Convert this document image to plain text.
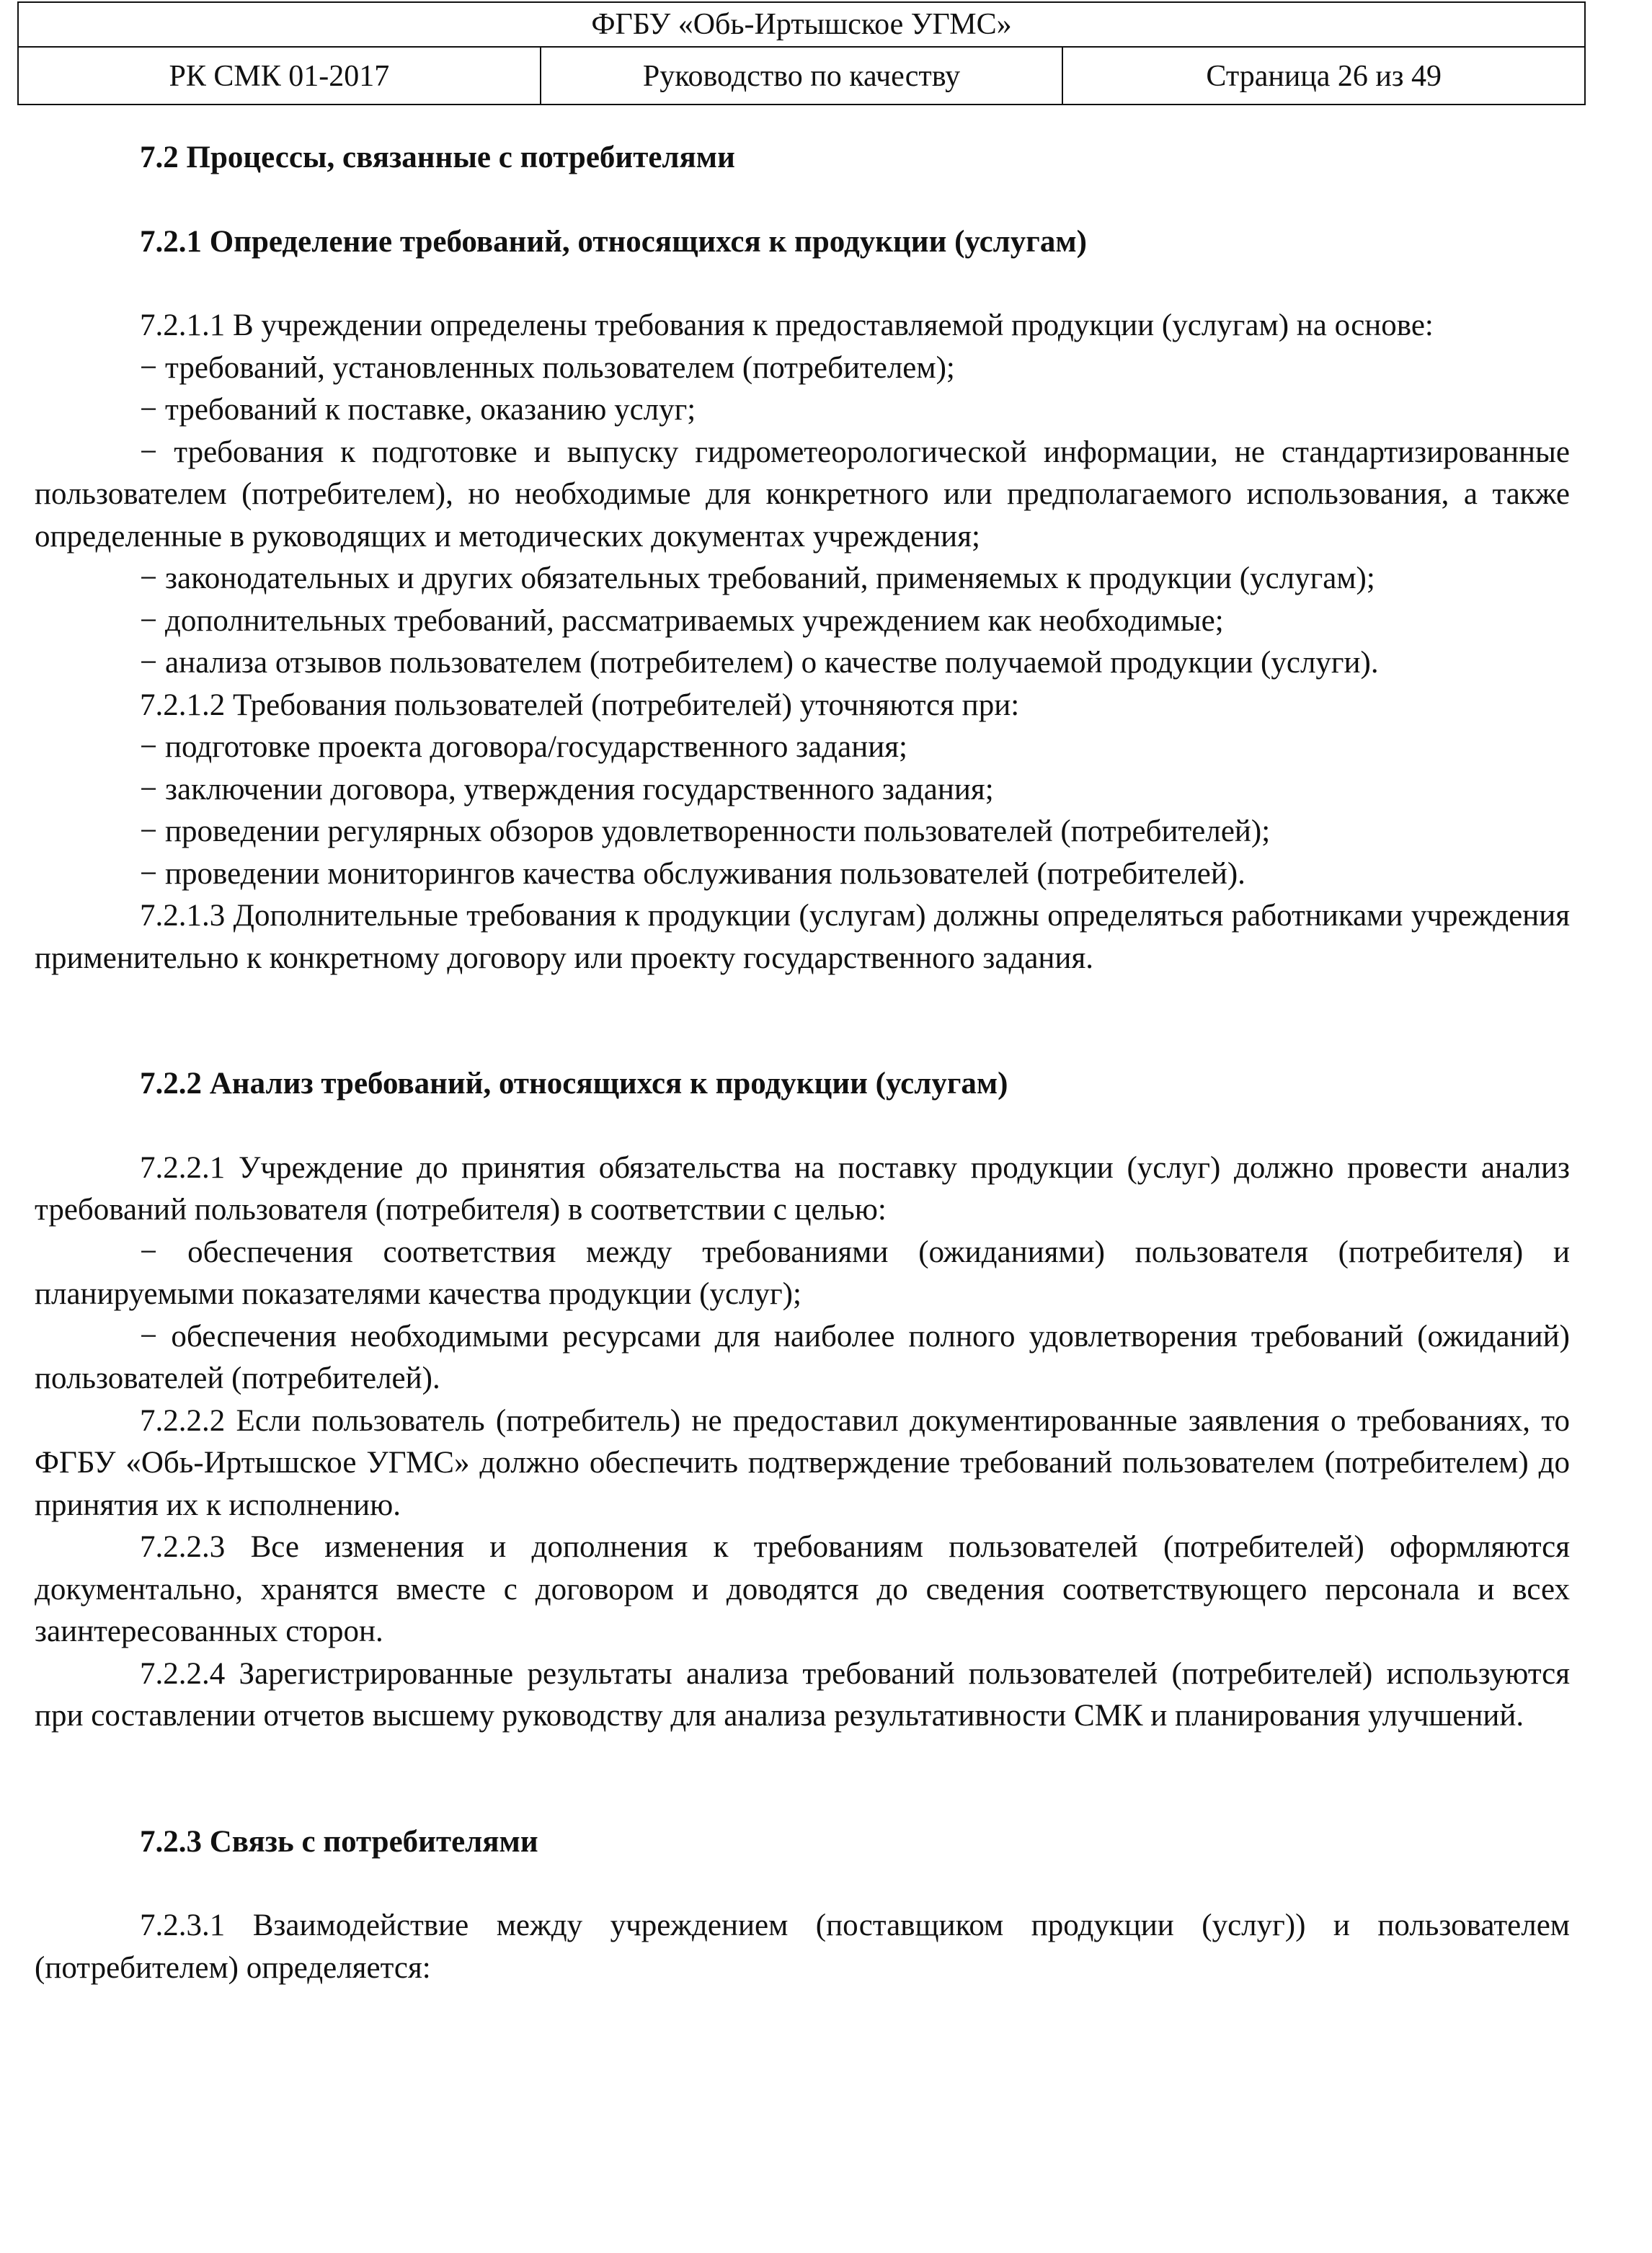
ФГБУ «Обь-Иртышское УГМС»
РК СМК 01-2017	Руководство по качеству	Страница 26 из 49
7.2 Процессы, связанные с потребителями
7.2.1 Определение требований, относящихся к продукции (услугам)
7.2.1.1 В учреждении определены требования к предоставляемой продукции (услугам) на основе:
− требований, установленных пользователем (потребителем);
− требований к поставке, оказанию услуг;
− требования к подготовке и выпуску гидрометеорологической информации, не стандартизированные пользователем (потребителем), но необходимые для конкретного или предполагаемого использования, а также определенные в руководящих и методических документах учреждения;
− законодательных и других обязательных требований, применяемых к продукции (услугам);
− дополнительных требований, рассматриваемых учреждением как необходимые;
− анализа отзывов пользователем (потребителем) о качестве получаемой продукции (услуги).
7.2.1.2 Требования пользователей (потребителей) уточняются при:
− подготовке проекта договора/государственного задания;
− заключении договора, утверждения государственного задания;
− проведении регулярных обзоров удовлетворенности пользователей (потребителей);
− проведении мониторингов качества обслуживания пользователей (потребителей).
7.2.1.3 Дополнительные требования к продукции (услугам) должны определяться работниками учреждения применительно к конкретному договору или проекту государственного задания.
7.2.2 Анализ требований, относящихся к продукции (услугам)
7.2.2.1 Учреждение до принятия обязательства на поставку продукции (услуг) должно провести анализ требований пользователя (потребителя) в соответствии с целью:
− обеспечения соответствия между требованиями (ожиданиями) пользователя (потребителя) и планируемыми показателями качества продукции (услуг);
− обеспечения необходимыми ресурсами для наиболее полного удовлетворения требований (ожиданий) пользователей (потребителей).
7.2.2.2 Если пользователь (потребитель) не предоставил документированные заявления о требованиях, то ФГБУ «Обь-Иртышское УГМС» должно обеспечить подтверждение требований пользователем (потребителем) до принятия их к исполнению.
7.2.2.3 Все изменения и дополнения к требованиям пользователей (потребителей) оформляются документально, хранятся вместе с договором и доводятся до сведения соответствующего персонала и всех заинтересованных сторон.
7.2.2.4 Зарегистрированные результаты анализа требований пользователей (потребителей) используются при составлении отчетов высшему руководству для анализа результативности СМК и планирования улучшений.
7.2.3 Связь с потребителями
7.2.3.1 Взаимодействие между учреждением (поставщиком продукции (услуг)) и пользователем (потребителем) определяется:
